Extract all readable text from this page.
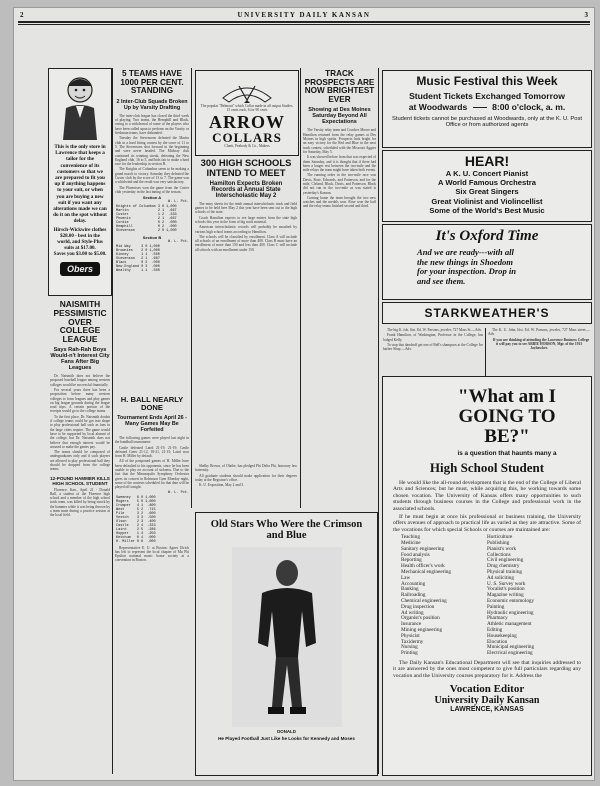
2	UNIVERSITY DAILY KANSAN	3
This is the only store in Lawrence that keeps a tailor for the convenience of its customers so that we are prepared to fit you up if anything happens to your suit, or when you are buying a new suit if you want any alterations made we can do it on the spot without delay.
Hirsch-Wickwire clothes $28.00 - best in the world, and Style-Plus suits at $17.00.
Saves you $3.00 to $5.00.
Obers
NAISMITH PESSIMISTIC OVER COLLEGE LEAGUE
Says Rah-Rah Boys Would-n't Interest City Fans After Big Leagues

Dr. Naismith does not believe the proposed baseball league among western colleges would be successful financially.

For several years there has been a proposition before many western colleges to form leagues and play games on big league grounds during the league road trips. A certain portion of the receipts would go to the college teams.

To the first place, Dr. Naismith doubts if college teams could be got into shape to play professional ball such as fans in the large cities require. The game would have to be supported by local alumni of the college, but Dr. Naismith does not believe that enough interest would be aroused to make the games pay.

The teams should be composed of undergraduates only and if such players are allowed to play professional ball they should be dropped from the college teams.

12-POUND HAMMER KILLS HIGH SCHOOL STUDENT

Florence, Kan., April 21 - Donald Ball, a student of the Florence high school and a member of the high school track team, was killed by being struck by the hammer while it was being thrown by a team mate during a practice session at the local field.

5 TEAMS HAVE 1000 PER CENT. STANDING
2 Inter-Club Squads Broken Up by Varsity Drafting

The inter-club league has closed the third week of playing. Two teams, the Hemphill and Black, owing to a withdrawal of some of the players who have been called upon to perform on the Varsity or freshman teams, have disbanded.

Tuesday the Stevensons defeated the Martin club in a hard fitting contest by the score of 11 to 5. The Stevensons shot forward in the beginning and were never headed. The Midway club continued its winning streak, defeating the New England club, 16 to 5, and bids fair to make a hard race for the leadership in section B.

The Knights of Columbus seem to be making a grand march to victory. Saturday they defeated the Custer club by the score of 13 to 7. The game was a whirlwind and the result was very satisfactory.

The Phoenixes won the game from the Custer club yesterday in the last inning of the season.

Section A
W. L. Pct.
Knights of Columbus	3	0	1,000
Martin	2	1	.667
Custer	1	2	.333
Phoenix	2	1	.667
Cordie	0	2	.000
Hemphill	0	2	.000
Stevenson	2	0	1,000
Section B
W. L. Pct.
Mid Way	3	0	1,000
Brownies	2	0	1,000
Kinney	1	1	.500
Stevenson	2	1	.667
Black	0	2	.000
New England	0	3	.000
Wealthy	1	1	.500
H. BALL NEARLY DONE
Tournament Ends April 26 - Many Games May Be Forfeited

The following games were played last night in the handball tournament:

Castle defeated Laird 21-19, 21-19; Castle defeated Greer 21-12, 18-21, 21-15; Laird won from H. Miller by default.

All of the postponed games of H. Miller have been defaulted to his opponents, since he has been unable to play on account of sickness. Due to the fact that the Minneapolis Symphony Orchestra gives its concert in Robinson Gym Monday night, some of the contests scheduled for that date will be played off tonight.

W. L. Pct.
Sweeney	6	0	1,000
Rogers	5	0	1,000
Crumper	4	1	.800
West	5	2	.715
Pile	3	2	.600
Vestch	3	3	.500
Olson	2	3	.400
Castle	2	4	.333
Laird	2	5	.286
Hopper	1	4	.250
Ketchum	0	4	.000
H. Miller	0	6	.000

Representative E. U. at Boston: Agnes Ulrich has left to represent the local chapter of Mu Phi Epsilon national music honor society at a convention in Boston.

The popular "Belmont" which Collar made in all output Studies. 15 cents each, 6 for 90 cents
ARROW
COLLARS
Cluett, Peabody & Co., Makers
300 HIGH SCHOOLS INTEND TO MEET
Hamilton Expects Broken Records at Annual State Interscholastic May 2

The entry sheets for the tenth annual interscholastic track and field games to be held here May 2 this year have been sent out to the high schools of the state.

Coach Hamilton expects to see large entries from the state high schools this year in the form of big track material.

American interscholastic records will probably be smashed by various high school teams according to Hamilton.

The schools will be classified by enrollment. Class A will include all schools of an enrollment of more than 400. Class B must have an enrollment of more than 150 and less than 400. Class C will include all schools with an enrollment under 150.

TRACK PROSPECTS ARE NOW BRIGHTEST EVER
Showing at Des Moines Saturday Beyond All Expectations

The Varsity relay team and Coaches Moore and Hamilton returned from the relay games at Des Moines in high spirits. Prospects look bright for an easy victory for the Red and Blue in the next track contest, scheduled with the Missouri Aggies for Saturday, May 5.

It was showed before from that was expected of them Saturday, and it is thought that if there had been a longer rest between the two-mile and the mile relays the team might have taken both events.

The running order in the two-mile race was Davis, Rose, Edwards, and Patterson, and for the mile, Cleland, Black, Davis, and Patterson. Black did not run in the two-mile as was stated is yesterday's Kansan.

Coming home the team brought the two new watches and the medals won. Rose won the half and the relay teams finished second and third.

Shelby Brown, of Olathe, has pledged Phi Delta Phi, honorary law fraternity.

All graduate students should make application for their degrees today at the Registrar's office.

K. U. Exposition, May 2 and 3.

Old Stars Who Were the Crimson and Blue
DONALD
He Played Football Just Like he Looks for Kennedy and Moses
Music Festival this Week
Student Tickets Exchanged Tomorrow
at Woodwards	8:00 o'clock, a. m.
Student tickets cannot be purchased at Woodwards, only at the K. U. Post Office or from authorized agents
HEAR!
A K. U. Concert Pianist
A World Famous Orchestra
Six Great Singers
Great Violinist and Violincellist
Some of the World's Best Music
It's Oxford Time
And we are ready---with all
the new things in Shoedom
for your inspection. Drop in
and see them.
STARKWEATHER'S

The big K. fob, lôst. Ed. W. Parsons, jeweler, 727 Mass St.—Adv.

Frank Hamilton, of Washington, Professor in the College, has lodged Kelly.

To stop that dandruff get one of Bell's shampoos at the College Ice barber Shop.—Adv.

The K. U. John, lôst. Ed. W. Parsons, jeweler, 727 Mass street.—Adv.

If you are thinking of attending the Lawrence Business College it will pay you to see ARBIE HOBSON, Mgr. of the 1913 Jayhawker.

"What am I GOING TO BE?"
is a question that haunts many a
High School Student

He would like the all-round development that is the end of the College of Liberal Arts and Sciences; but he must, while acquiring this, be working towards some chosen vocation. The University of Kansas offers many opportunities to such students through business courses in the College and professional work in the associated schools.

If he must begin at once his professional or business training, the University offers avenues of approach to practical life as varied as they are attractive. Some of the vocations for which special Schools or courses are maintained are:

Teaching
Medicine
Sanitary engineering
Food analysis
Reporting
Health officer's work
Mechanical engineering
Law
Accounting
Banking
Railroading
Chemical engineering
Drug inspection
Ad writing
Organist's position
Insurance
Mining engineering
Physicist
Taxidermy
Nursing
Printing
Horticulture
Publishing
Pianist's work
Collections
Civil engineering
Drug chemistry
Physical training
Ad soliciting
U. S. Survey work
Vocalist's position
Magazine writing
Economic entomology
Painting
Hydraulic engineering
Pharmacy
Athletic management
Editing
Housekeeping
Elocution
Municipal engineering
Electrical engineering

The Daily Kansan's Educational Department will see that inquiries addressed to it are answered by the ones most competent to give full particulars regarding any vocation and the University courses preparatory for it. Address the

Vocation Editor
University Daily Kansan
LAWRENCE, KANSAS
